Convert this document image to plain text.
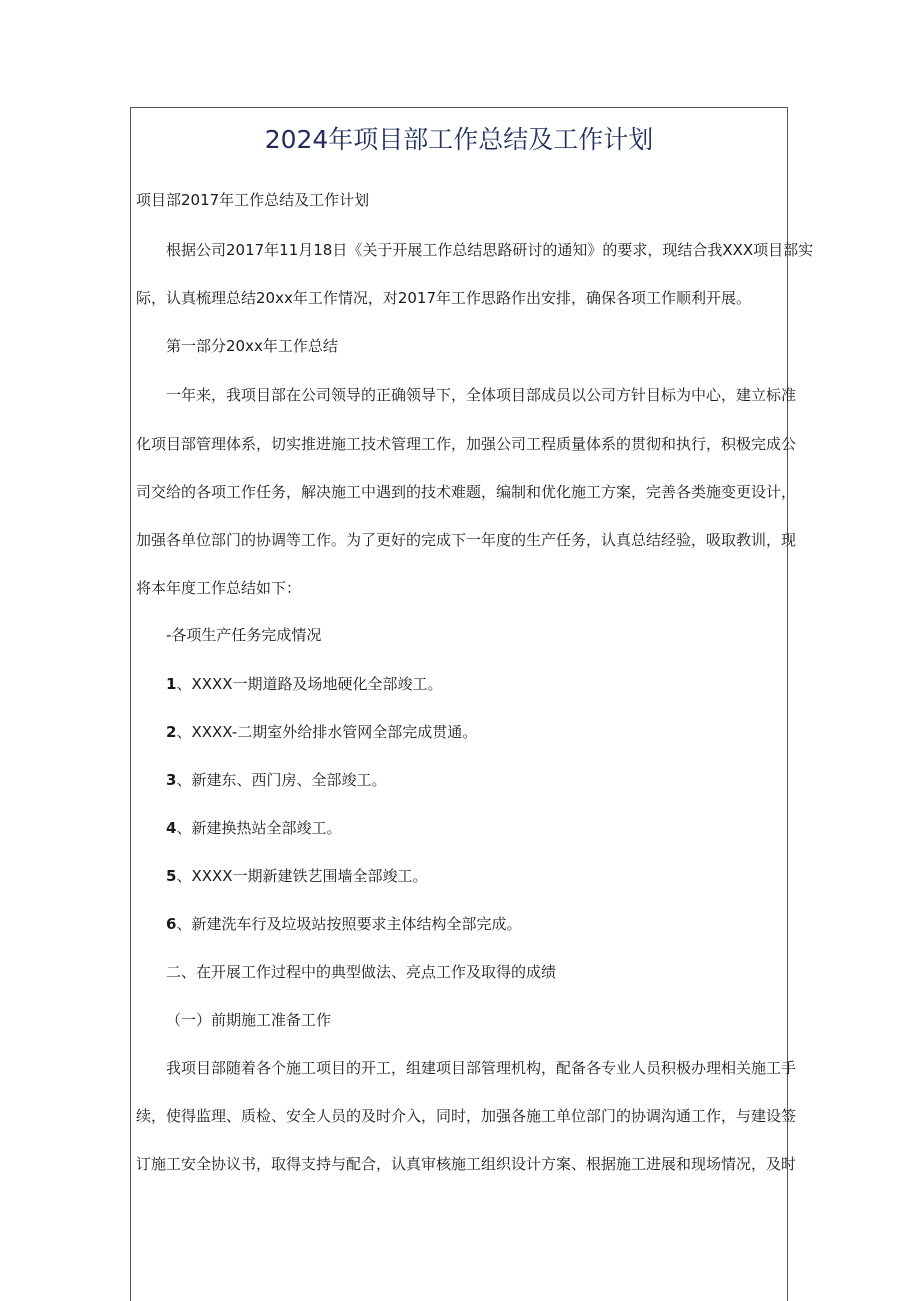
2024年项目部工作总结及工作计划
项目部2017年工作总结及工作计划
根据公司2017年11月18日《关于开展工作总结思路研讨的通知》的要求，现结合我XXX项目部实
际，认真梳理总结20xx年工作情况，对2017年工作思路作出安排，确保各项工作顺利开展。
第一部分20xx年工作总结
一年来，我项目部在公司领导的正确领导下，全体项目部成员以公司方针目标为中心，建立标准
化项目部管理体系，切实推进施工技术管理工作，加强公司工程质量体系的贯彻和执行，积极完成公
司交给的各项工作任务，解决施工中遇到的技术难题，编制和优化施工方案，完善各类施变更设计，
加强各单位部门的协调等工作。为了更好的完成下一年度的生产任务，认真总结经验，吸取教训，现
将本年度工作总结如下：
-各项生产任务完成情况
1、XXXX一期道路及场地硬化全部竣工。
2、XXXX-二期室外给排水管网全部完成贯通。
3、新建东、西门房、全部竣工。
4、新建换热站全部竣工。
5、XXXX一期新建铁艺围墙全部竣工。
6、新建洗车行及垃圾站按照要求主体结构全部完成。
二、在开展工作过程中的典型做法、亮点工作及取得的成绩
（一）前期施工准备工作
我项目部随着各个施工项目的开工，组建项目部管理机构，配备各专业人员积极办理相关施工手
续，使得监理、质检、安全人员的及时介入，同时，加强各施工单位部门的协调沟通工作，与建设签
订施工安全协议书，取得支持与配合，认真审核施工组织设计方案、根据施工进展和现场情况，及时
